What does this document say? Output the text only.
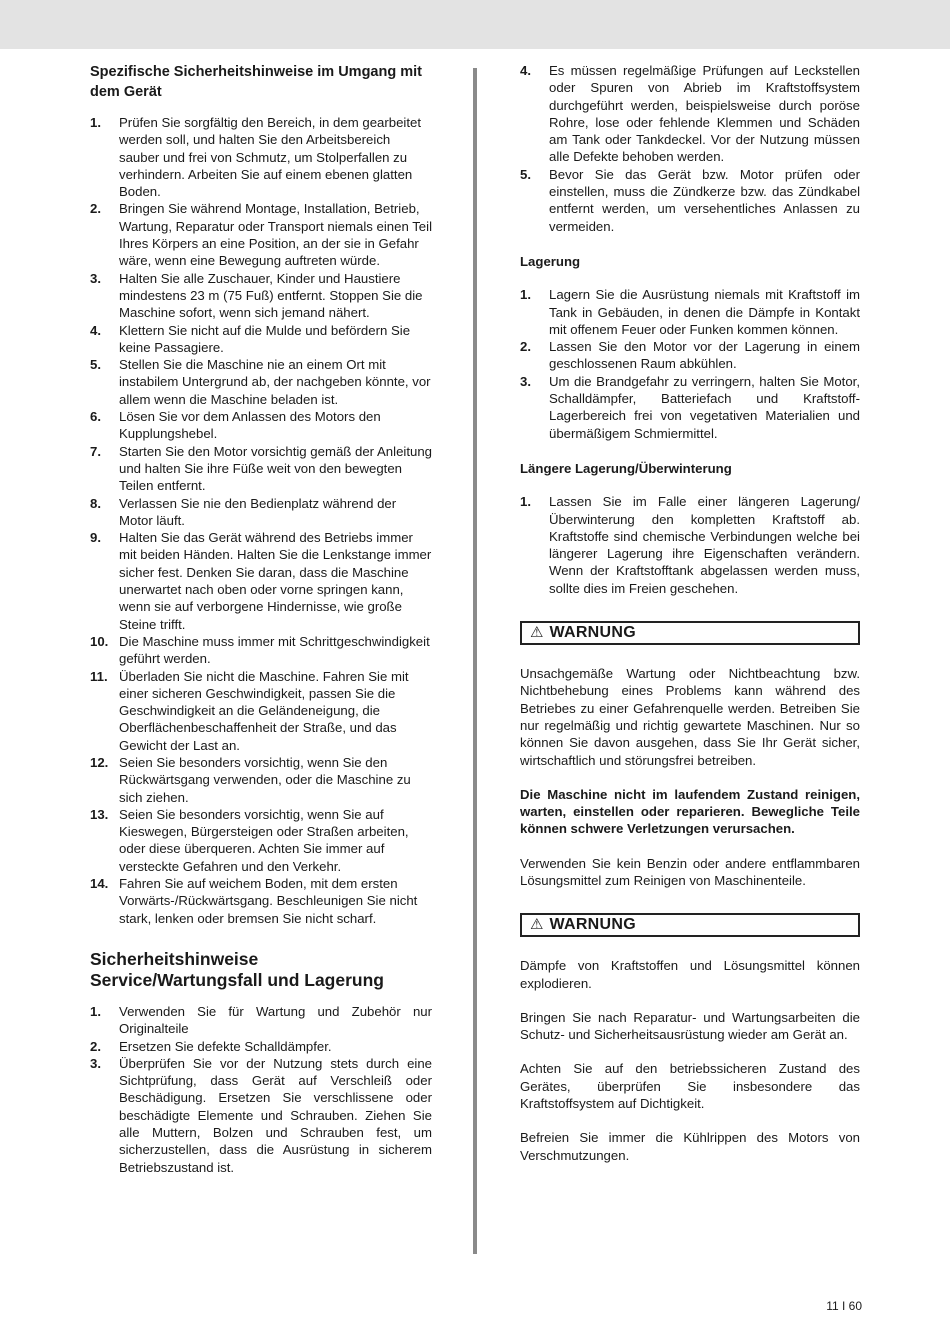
Spezifische Sicherheitshinweise im Umgang mit dem Gerät
1. Prüfen Sie sorgfältig den Bereich, in dem gearbeitet werden soll, und halten Sie den Arbeitsbereich sauber und frei von Schmutz, um Stolperfallen zu verhindern. Arbeiten Sie auf einem ebenen glatten Boden.
2. Bringen Sie während Montage, Installation, Betrieb, Wartung, Reparatur oder Transport niemals einen Teil Ihres Körpers an eine Position, an der sie in Gefahr wäre, wenn eine Bewegung auftreten würde.
3. Halten Sie alle Zuschauer, Kinder und Haustiere mindestens 23 m (75 Fuß) entfernt. Stoppen Sie die Maschine sofort, wenn sich jemand nähert.
4. Klettern Sie nicht auf die Mulde und befördern Sie keine Passagiere.
5. Stellen Sie die Maschine nie an einem Ort mit instabilem Untergrund ab, der nachgeben könnte, vor allem wenn die Maschine beladen ist.
6. Lösen Sie vor dem Anlassen des Motors den Kupplungshebel.
7. Starten Sie den Motor vorsichtig gemäß der Anleitung und halten Sie ihre Füße weit von den bewegten Teilen entfernt.
8. Verlassen Sie nie den Bedienplatz während der Motor läuft.
9. Halten Sie das Gerät während des Betriebs immer mit beiden Händen. Halten Sie die Lenkstange immer sicher fest. Denken Sie daran, dass die Maschine unerwartet nach oben oder vorne springen kann, wenn sie auf verborgene Hindernisse, wie große Steine trifft.
10. Die Maschine muss immer mit Schrittgeschwindigkeit geführt werden.
11. Überladen Sie nicht die Maschine. Fahren Sie mit einer sicheren Geschwindigkeit, passen Sie die Geschwindigkeit an die Geländeneigung, die Oberflächenbeschaffenheit der Straße, und das Gewicht der Last an.
12. Seien Sie besonders vorsichtig, wenn Sie den Rückwärtsgang verwenden, oder die Maschine zu sich ziehen.
13. Seien Sie besonders vorsichtig, wenn Sie auf Kieswegen, Bürgersteigen oder Straßen arbeiten, oder diese überqueren. Achten Sie immer auf versteckte Gefahren und den Verkehr.
14. Fahren Sie auf weichem Boden, mit dem ersten Vorwärts-/Rückwärtsgang. Beschleunigen Sie nicht stark, lenken oder bremsen Sie nicht scharf.
Sicherheitshinweise Service/Wartungsfall und Lagerung
1. Verwenden Sie für Wartung und Zubehör nur Originalteile
2. Ersetzen Sie defekte Schalldämpfer.
3. Überprüfen Sie vor der Nutzung stets durch eine Sichtprüfung, dass Gerät auf Verschleiß oder Beschädigung. Ersetzen Sie verschlissene oder beschädigte Elemente und Schrauben. Ziehen Sie alle Muttern, Bolzen und Schrauben fest, um sicherzustellen, dass die Ausrüstung in sicherem Betriebszustand ist.
4. Es müssen regelmäßige Prüfungen auf Leckstellen oder Spuren von Abrieb im Kraftstoffsystem durchgeführt werden, beispielsweise durch poröse Rohre, lose oder fehlende Klemmen und Schäden am Tank oder Tankdeckel. Vor der Nutzung müssen alle Defekte behoben werden.
5. Bevor Sie das Gerät bzw. Motor prüfen oder einstellen, muss die Zündkerze bzw. das Zündkabel entfernt werden, um versehentliches Anlassen zu vermeiden.
Lagerung
1. Lagern Sie die Ausrüstung niemals mit Kraftstoff im Tank in Gebäuden, in denen die Dämpfe in Kontakt mit offenem Feuer oder Funken kommen können.
2. Lassen Sie den Motor vor der Lagerung in einem geschlossenen Raum abkühlen.
3. Um die Brandgefahr zu verringern, halten Sie Motor, Schalldämpfer, Batteriefach und Kraftstoff-Lagerbereich frei von vegetativen Materialien und übermäßigem Schmiermittel.
Längere Lagerung/Überwinterung
1. Lassen Sie im Falle einer längeren Lagerung/ Überwinterung den kompletten Kraftstoff ab. Kraftstoffe sind chemische Verbindungen welche bei längerer Lagerung ihre Eigenschaften verändern. Wenn der Kraftstofftank abgelassen werden muss, sollte dies im Freien geschehen.
⚠ WARNUNG

Unsachgemäße Wartung oder Nichtbeachtung bzw. Nichtbehebung eines Problems kann während des Betriebes zu einer Gefahrenquelle werden. Betreiben Sie nur regelmäßig und richtig gewartete Maschinen. Nur so können Sie davon ausgehen, dass Sie Ihr Gerät sicher, wirtschaftlich und störungsfrei betreiben.

Die Maschine nicht im laufendem Zustand reinigen, warten, einstellen oder reparieren. Bewegliche Teile können schwere Verletzungen verursachen.

Verwenden Sie kein Benzin oder andere entflammbaren Lösungsmittel zum Reinigen von Maschinenteile.

⚠ WARNUNG

Dämpfe von Kraftstoffen und Lösungsmittel können explodieren.

Bringen Sie nach Reparatur- und Wartungsarbeiten die Schutz- und Sicherheitsausrüstung wieder am Gerät an.

Achten Sie auf den betriebssicheren Zustand des Gerätes, überprüfen Sie insbesondere das Kraftstoffsystem auf Dichtigkeit.

Befreien Sie immer die Kühlrippen des Motors von Verschmutzungen.

11 I 60
